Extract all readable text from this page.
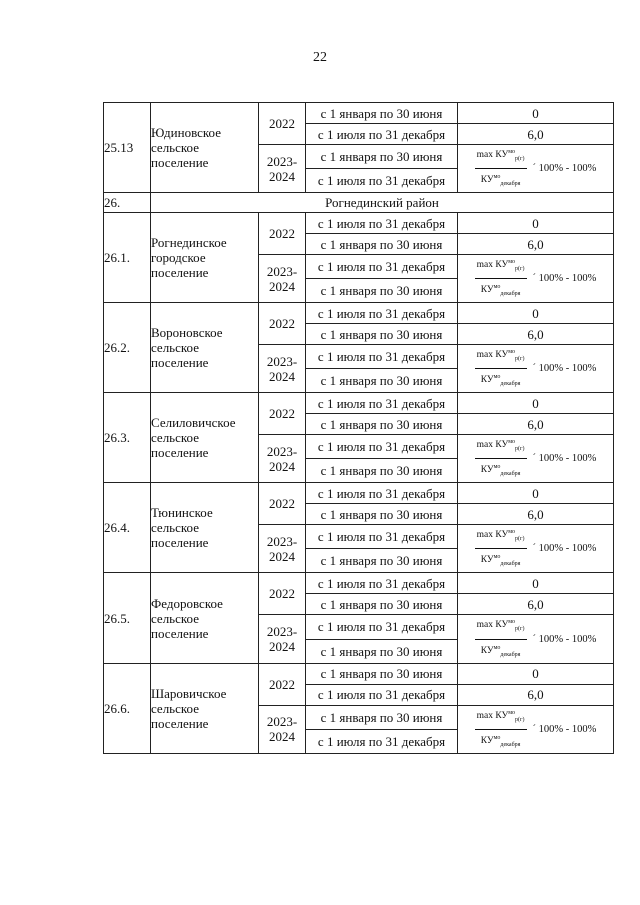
22
25.13	Юдиновское сельское поселение	2022	с 1 января по 30 июня	0
			с 1 июля по 31 декабря	6,0
		2023-2024	с 1 января по 30 июня	$\frac{\max КУ^{мо}_{р(г)}}{КУ^{мо}_{декабря}}$ ´ 100% - 100%

			с 1 июля по 31 декабря	
26.	Рогнединский район			
26.1.	Рогнединское городское поселение	2022	с 1 июля по 31 декабря	0
			с 1 января по 30 июня	6,0
		2023-2024	с 1 июля по 31 декабря	$\frac{\max КУ^{мо}_{р(г)}}{КУ^{мо}_{декабря}}$ ´ 100% - 100%

			с 1 января по 30 июня	
26.2.	Вороновское сельское поселение	2022	с 1 июля по 31 декабря	0
			с 1 января по 30 июня	6,0
		2023-2024	с 1 июля по 31 декабря	$\frac{\max КУ^{мо}_{р(г)}}{КУ^{мо}_{декабря}}$ ´ 100% - 100%

			с 1 января по 30 июня	
26.3.	Селиловичское сельское поселение	2022	с 1 июля по 31 декабря	0
			с 1 января по 30 июня	6,0
		2023-2024	с 1 июля по 31 декабря	$\frac{\max КУ^{мо}_{р(г)}}{КУ^{мо}_{декабря}}$ ´ 100% - 100%

			с 1 января по 30 июня	
26.4.	Тюнинское сельское поселение	2022	с 1 июля по 31 декабря	0
			с 1 января по 30 июня	6,0
		2023-2024	с 1 июля по 31 декабря	$\frac{\max КУ^{мо}_{р(г)}}{КУ^{мо}_{декабря}}$ ´ 100% - 100%

			с 1 января по 30 июня	
26.5.	Федоровское сельское поселение	2022	с 1 июля по 31 декабря	0
			с 1 января по 30 июня	6,0
		2023-2024	с 1 июля по 31 декабря	$\frac{\max КУ^{мо}_{р(г)}}{КУ^{мо}_{декабря}}$ ´ 100% - 100%

			с 1 января по 30 июня	
26.6.	Шаровичское сельское поселение	2022	с 1 января по 30 июня	0
			с 1 июля по 31 декабря	6,0
		2023-2024	с 1 января по 30 июня	$\frac{\max КУ^{мо}_{р(г)}}{КУ^{мо}_{декабря}}$ ´ 100% - 100%

			с 1 июля по 31 декабря	
